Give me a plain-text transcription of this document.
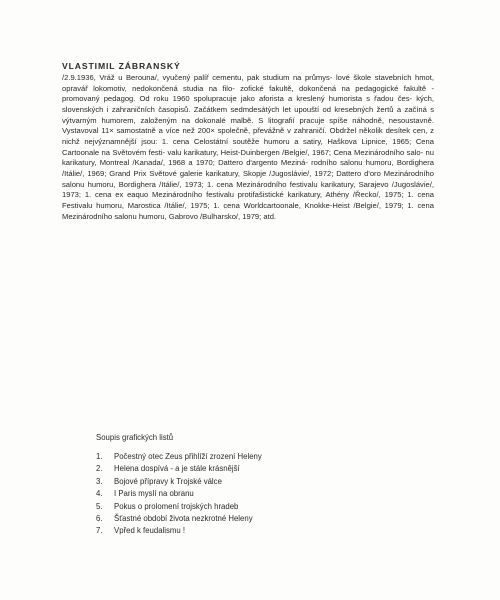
VLASTIMIL ZÁBRANSKÝ

/2.9.1936, Vráž u Berouna/, vyučený palíř cementu, pak studium na průmys- lové škole stavebních hmot, opravář lokomotiv, nedokončená studia na filo- zofické fakultě, dokončená na pedagogické fakultě - promovaný pedagog. Od roku 1960 spolupracuje jako aforista a kreslený humorista s řadou čes- kých, slovenských i zahraničních časopisů. Začátkem sedmdesátých let upouští od kresebných žertů a začíná s výtvarným humorem, založeným na dokonalé malbě. S litografií pracuje spíše náhodně, nesoustavně. Vystavoval 11× samostatně a více než 200× společně, převážně v zahraničí. Obdržel několik desítek cen, z nichž nejvýznamnější jsou: 1. cena Celostátní soutěže humoru a satiry, Haškova Lipnice, 1965; Cena Cartoonale na Světovém festi- valu karikatury, Heist-Duinbergen /Belgie/, 1967; Cena Mezinárodního salo- nu karikatury, Montreal /Kanada/, 1968 a 1970; Dattero d'argento Meziná- rodního salonu humoru, Bordighera /Itálie/, 1969; Grand Prix Světové galerie karikatury, Skopje /Jugoslávie/, 1972; Dattero d'oro Mezinárodního salonu humoru, Bordighera /Itálie/, 1973; 1. cena Mezinárodního festivalu karikatury, Sarajevo /Jugoslávie/, 1973; 1. cena ex eaquo Mezinárodního festivalu protifašistické karikatury, Athény /Řecko/, 1975; 1. cena Festivalu humoru, Marostica /Itálie/, 1975; 1. cena Worldcartoonale, Knokke-Heist /Belgie/, 1979; 1. cena Mezinárodního salonu humoru, Gabrovo /Bulharsko/, 1979; atd.

Soupis grafických listů
1.	Počestný otec Zeus přihlíží zrození Heleny
2.	Helena dospívá - a je stále krásnější
3.	Bojové přípravy k Trojské válce
4.	I Paris myslí na obranu
5.	Pokus o prolomení trojských hradeb
6.	Šťastné období života nezkrotné Heleny
7.	Vpřed k feudalismu !
